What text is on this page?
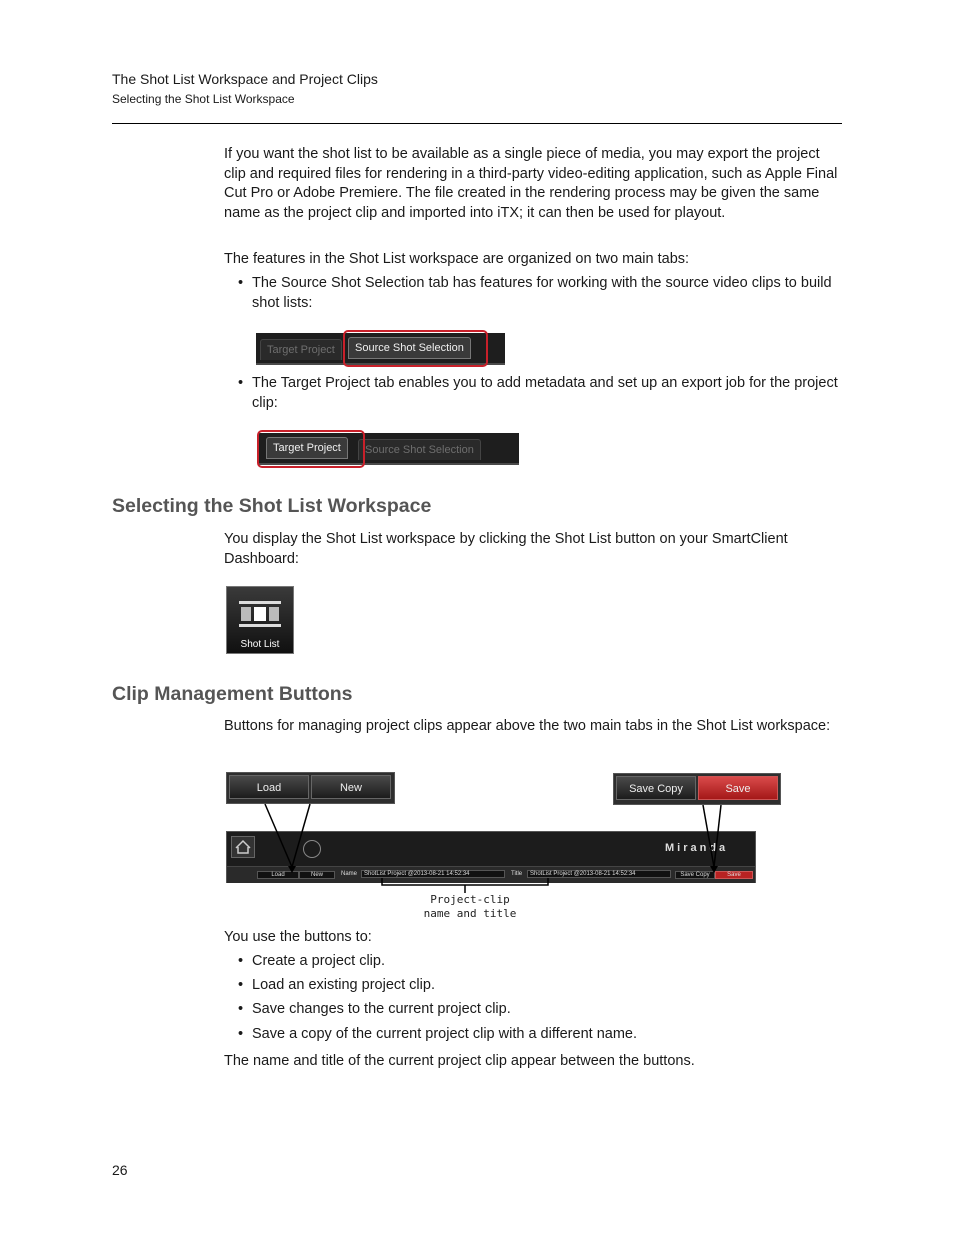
The Shot List Workspace and Project Clips
Selecting the Shot List Workspace
If you want the shot list to be available as a single piece of media, you may export the project clip and required files for rendering in a third-party video-editing application, such as Apple Final Cut Pro or Adobe Premiere. The file created in the rendering process may be given the same name as the project clip and imported into iTX; it can then be used for playout.
The features in the Shot List workspace are organized on two main tabs:
• The Source Shot Selection tab has features for working with the source video clips to build shot lists:
Target Project	Source Shot Selection
• The Target Project tab enables you to add metadata and set up an export job for the project clip:
Target Project	Source Shot Selection
Selecting the Shot List Workspace
You display the Shot List workspace by clicking the Shot List button on your SmartClient Dashboard:
Shot List
Clip Management Buttons
Buttons for managing project clips appear above the two main tabs in the Shot List workspace:
Load	New	Save Copy	Save
Miranda
Load	New	Name	ShotList Project @2013-08-21 14:52:34	Title	ShotList Project @2013-08-21 14:52:34	Save Copy	Save
Project-clip
name and title
You use the buttons to:
• Create a project clip.
• Load an existing project clip.
• Save changes to the current project clip.
• Save a copy of the current project clip with a different name.
The name and title of the current project clip appear between the buttons.
26
